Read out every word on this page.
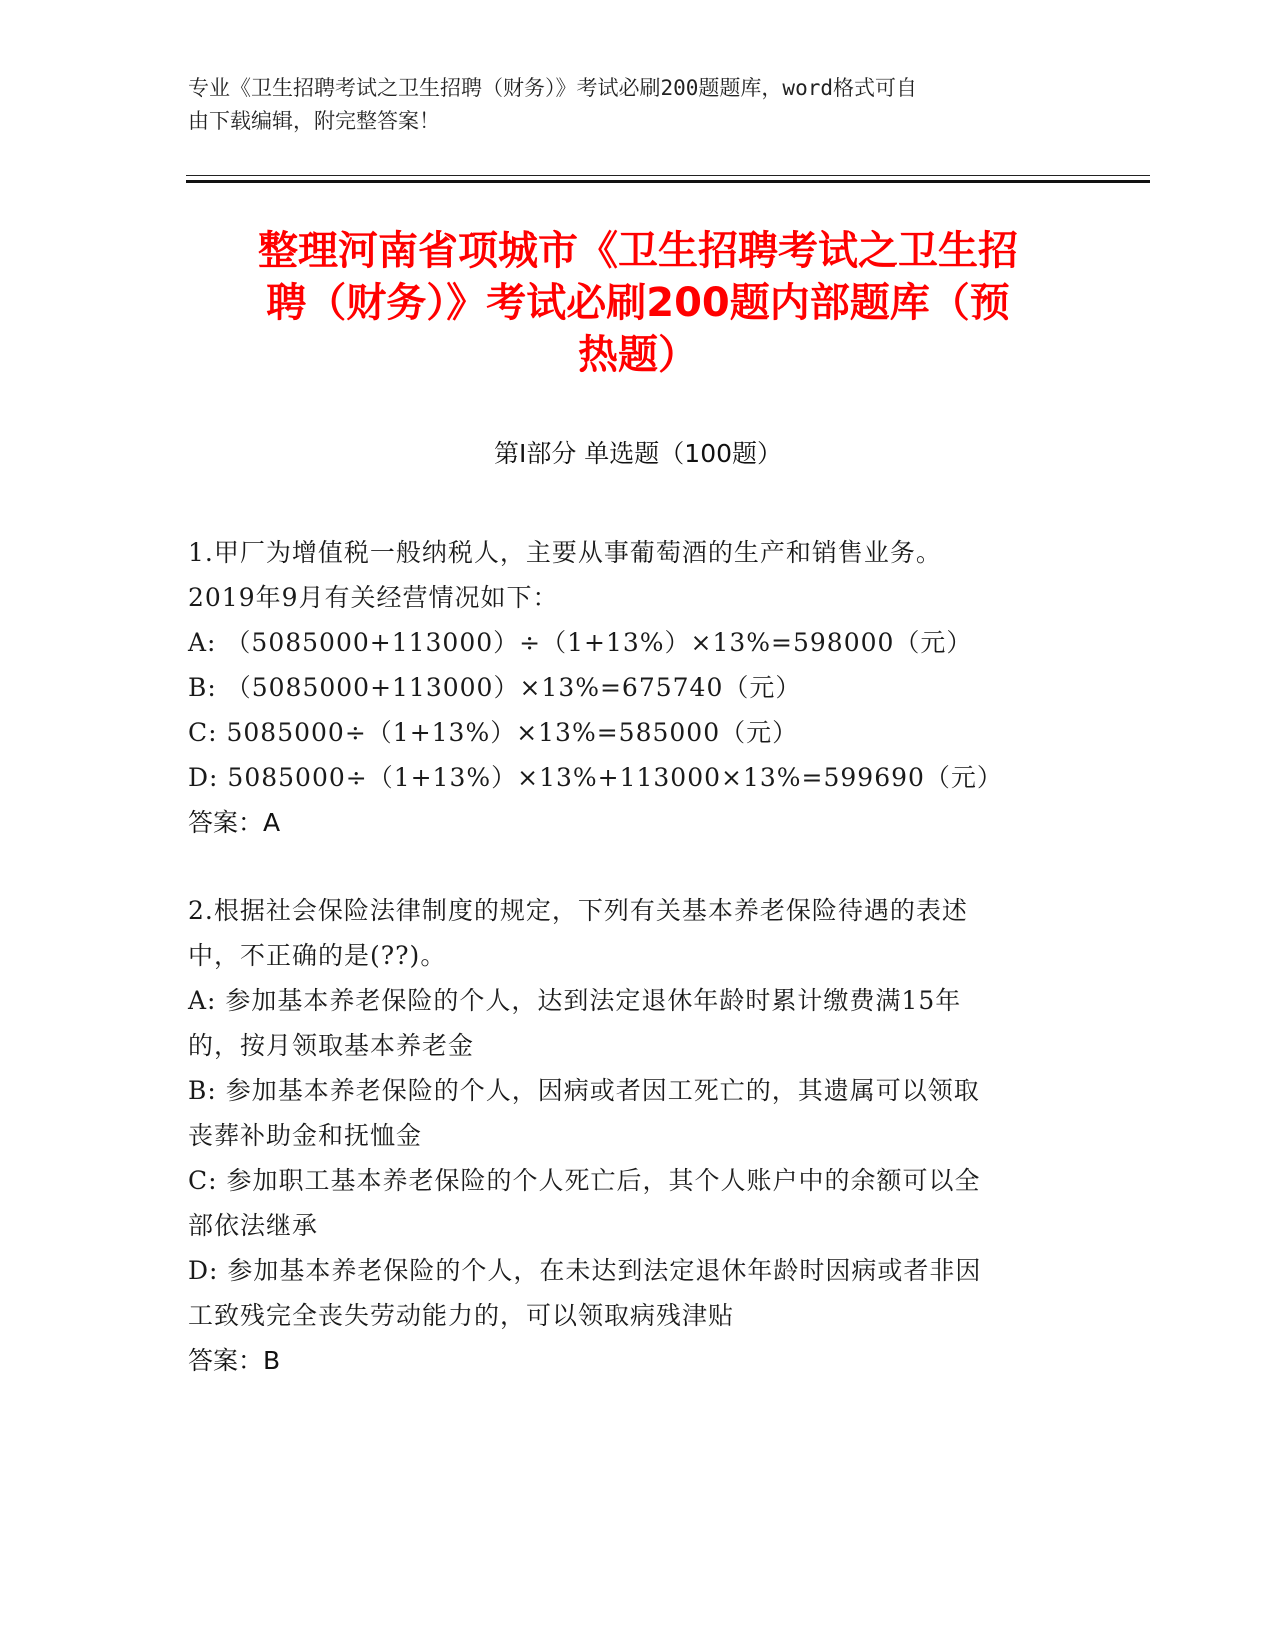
专业《卫生招聘考试之卫生招聘（财务）》考试必刷200题题库，word格式可自
由下载编辑，附完整答案！
整理河南省项城市《卫生招聘考试之卫生招
聘（财务）》考试必刷200题内部题库（预
热题）
第Ⅰ部分 单选题（100题）
1.甲厂为增值税一般纳税人，主要从事葡萄酒的生产和销售业务。
2019年9月有关经营情况如下：
A: （5085000+113000）÷（1+13%）×13%=598000（元）
B: （5085000+113000）×13%=675740（元）
C: 5085000÷（1+13%）×13%=585000（元）
D: 5085000÷（1+13%）×13%+113000×13%=599690（元）
答案：A
2.根据社会保险法律制度的规定，下列有关基本养老保险待遇的表述
中，不正确的是(??)。
A: 参加基本养老保险的个人，达到法定退休年龄时累计缴费满15年
的，按月领取基本养老金
B: 参加基本养老保险的个人，因病或者因工死亡的，其遗属可以领取
丧葬补助金和抚恤金
C: 参加职工基本养老保险的个人死亡后，其个人账户中的余额可以全
部依法继承
D: 参加基本养老保险的个人，在未达到法定退休年龄时因病或者非因
工致残完全丧失劳动能力的，可以领取病残津贴
答案：B
